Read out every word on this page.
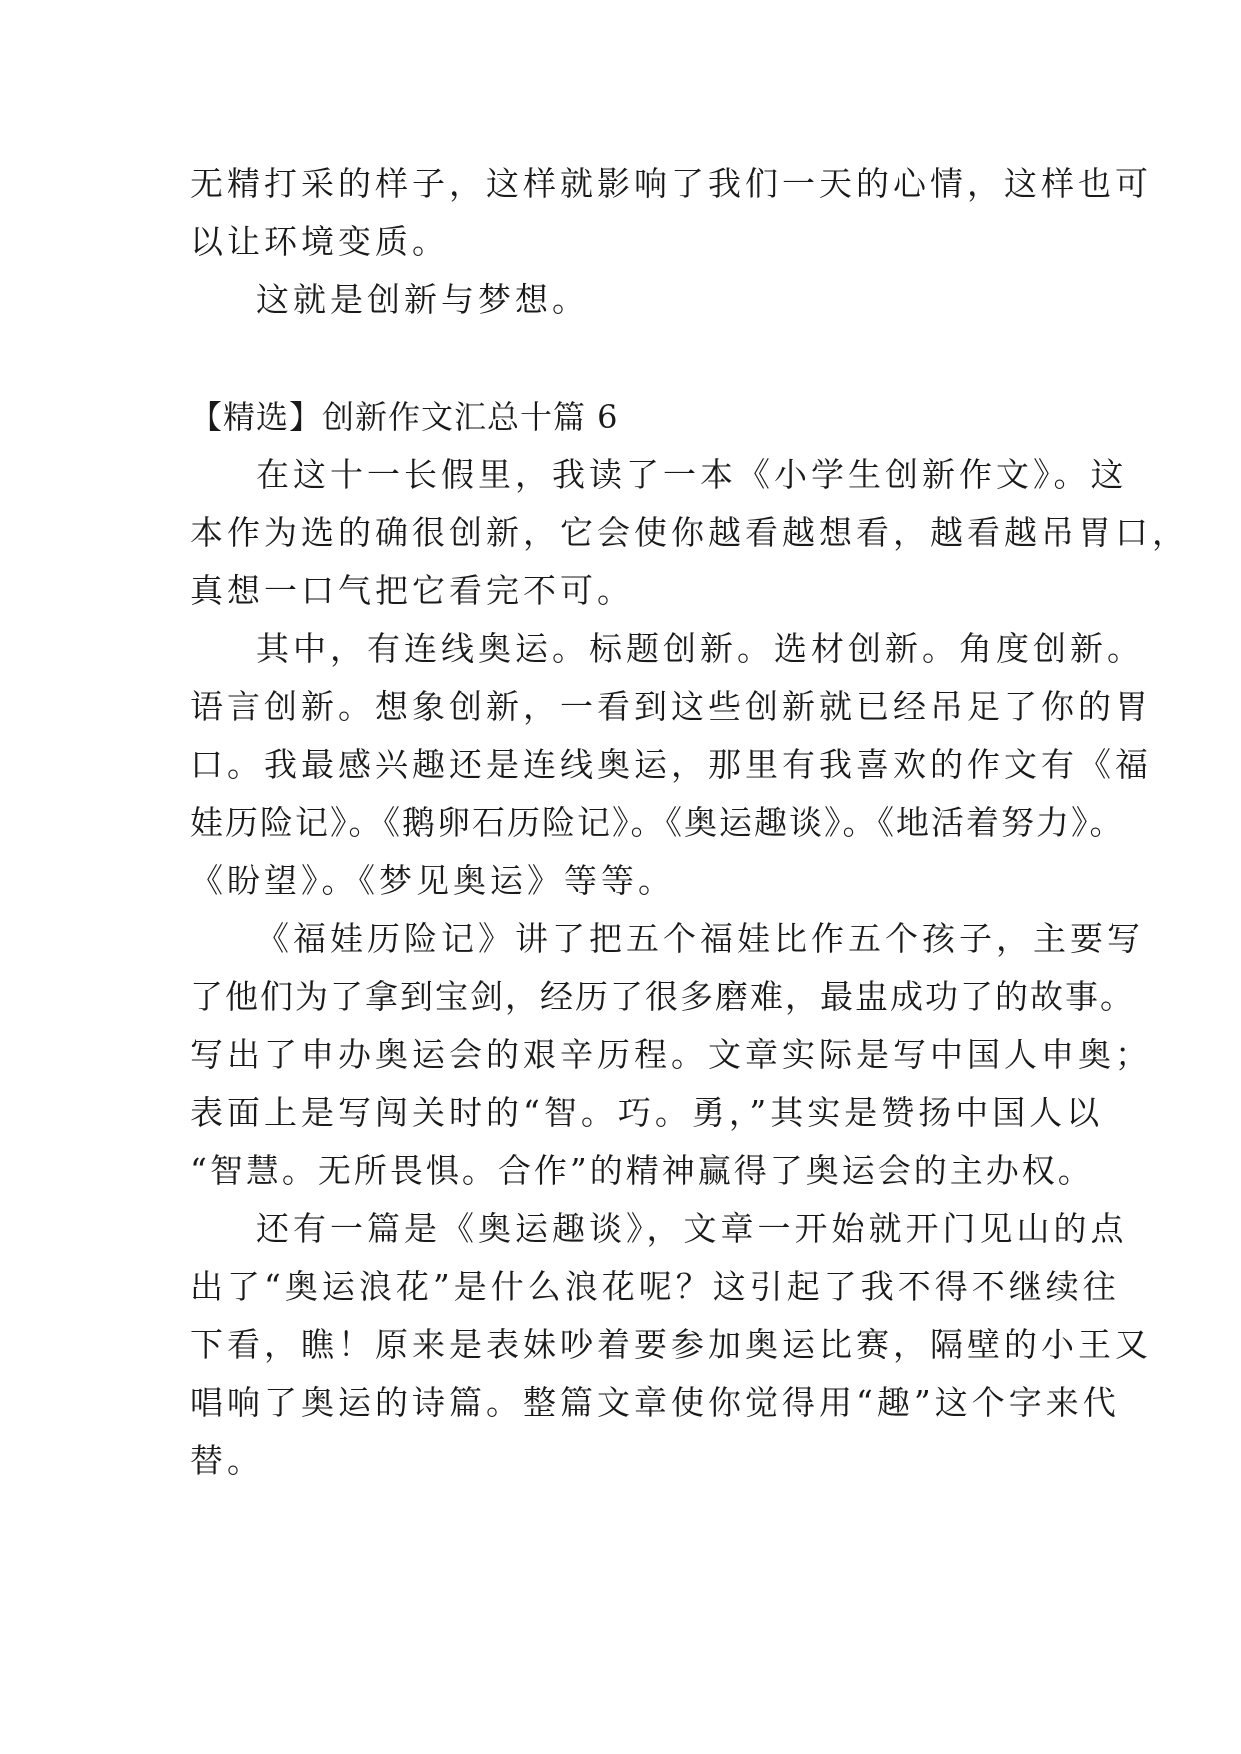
无精打采的样子，这样就影响了我们一天的心情，这样也可
以让环境变质。
这就是创新与梦想。
【精选】创新作文汇总十篇 6
在这十一长假里，我读了一本《小学生创新作文》。这
本作为选的确很创新，它会使你越看越想看，越看越吊胃口，
真想一口气把它看完不可。
其中，有连线奥运。标题创新。选材创新。角度创新。
语言创新。想象创新，一看到这些创新就已经吊足了你的胃
口。我最感兴趣还是连线奥运，那里有我喜欢的作文有《福
娃历险记》。《鹅卵石历险记》。《奥运趣谈》。《地活着努力》。
《盼望》。《梦见奥运》等等。
《福娃历险记》讲了把五个福娃比作五个孩子，主要写
了他们为了拿到宝剑，经历了很多磨难，最盅成功了的故事。
写出了申办奥运会的艰辛历程。文章实际是写中国人申奥；
表面上是写闯关时的“智。巧。勇，”其实是赞扬中国人以
“智慧。无所畏惧。合作”的精神赢得了奥运会的主办权。
还有一篇是《奥运趣谈》，文章一开始就开门见山的点
出了“奥运浪花”是什么浪花呢？这引起了我不得不继续往
下看，瞧！原来是表妹吵着要参加奥运比赛，隔壁的小王又
唱响了奥运的诗篇。整篇文章使你觉得用“趣”这个字来代
替。
